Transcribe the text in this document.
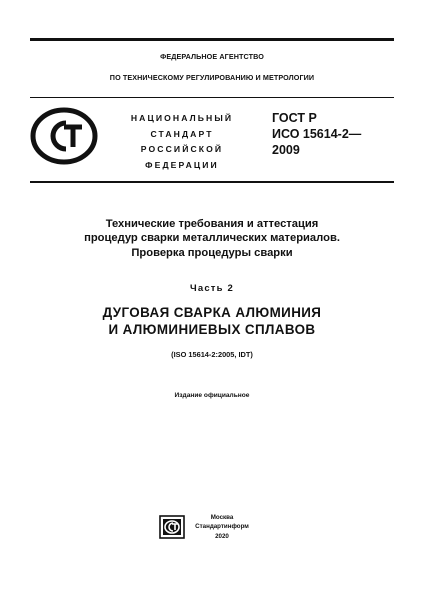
ФЕДЕРАЛЬНОЕ АГЕНТСТВО
ПО ТЕХНИЧЕСКОМУ РЕГУЛИРОВАНИЮ И МЕТРОЛОГИИ
НАЦИОНАЛЬНЫЙ
СТАНДАРТ
РОССИЙСКОЙ
ФЕДЕРАЦИИ
ГОСТ Р
ИСО 15614-2—
2009
Технические требования и аттестация
процедур сварки металлических материалов.
Проверка процедуры сварки
Часть 2
ДУГОВАЯ СВАРКА АЛЮМИНИЯ
И АЛЮМИНИЕВЫХ СПЛАВОВ
(ISO 15614-2:2005, IDT)
Издание официальное
Москва
Стандартинформ
2020
